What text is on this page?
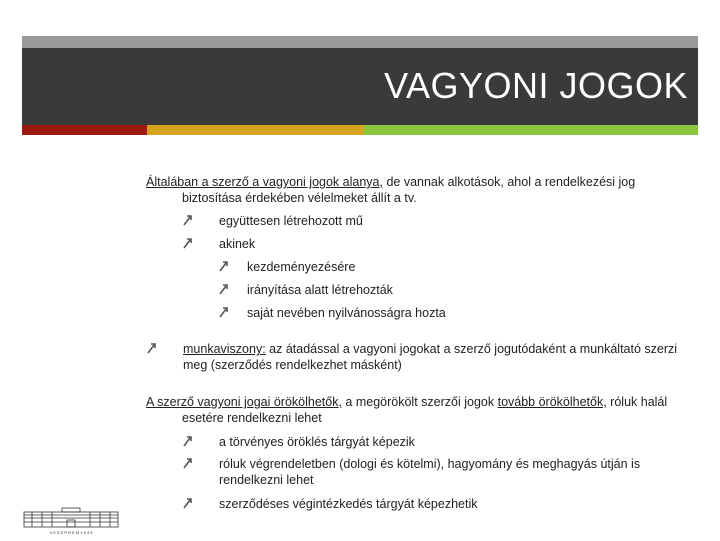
VAGYONI JOGOK
Általában a szerző a vagyoni jogok alanya, de vannak alkotások, ahol a rendelkezési jog
biztosítása érdekében vélelmeket állít a tv.
együttesen létrehozott mű
akinek
kezdeményezésére
irányítása alatt létrehozták
saját nevében nyilvánosságra hozta
munkaviszony: az átadással a vagyoni jogokat a szerző jogutódaként a munkáltató szerzi
meg (szerződés rendelkezhet másként)
A szerző vagyoni jogai örökölhetők, a megörökölt szerzői jogok tovább örökölhetők, róluk halál
esetére rendelkezni lehet
a törvényes öröklés tárgyát képezik
róluk végrendeletben (dologi és kötelmi), hagyomány és meghagyás útján is
rendelkezni lehet
szerződéses végintézkedés tárgyát képezhetik
V E S Z P R É M 1 9 4 9
